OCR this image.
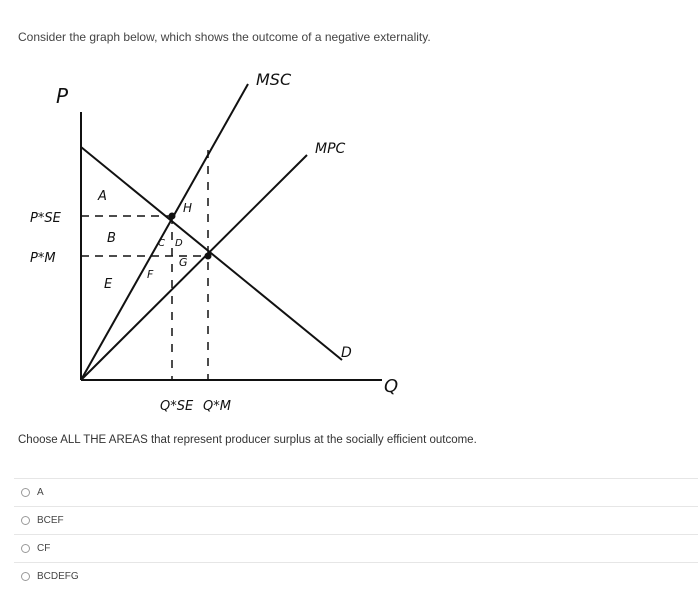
Consider the graph below, which shows the outcome of a negative externality.
P
Q
MSC
MPC
D
P*SE
P*M
Q*SE Q*M
A
B	C D
E
F
G
H
Choose ALL THE AREAS that represent producer surplus at the socially efficient outcome.
A
BCEF
CF
BCDEFG
